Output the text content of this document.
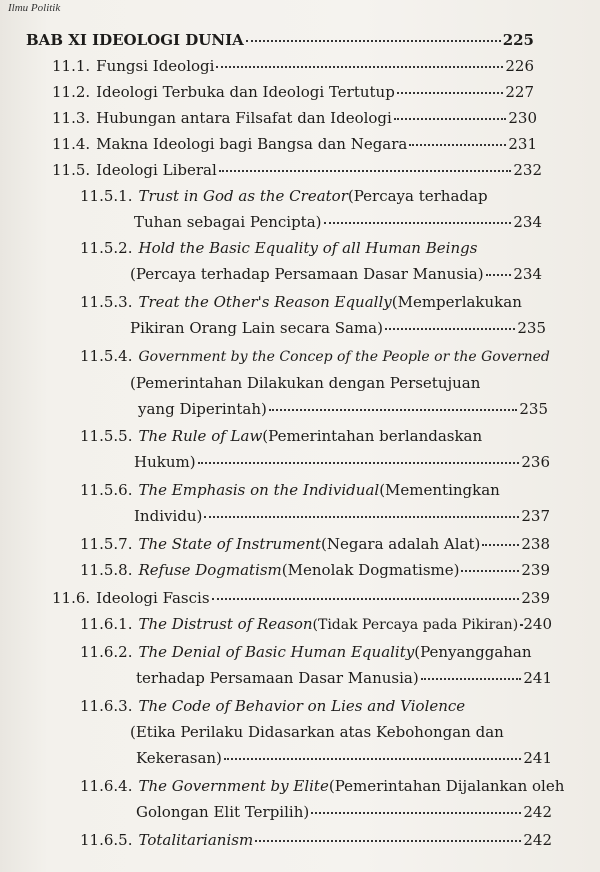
Ilmu Politik
BAB XI IDEOLOGI DUNIA	225
11.1. Fungsi Ideologi	226
11.2. Ideologi Terbuka dan Ideologi Tertutup	227
11.3. Hubungan antara Filsafat dan Ideologi	230
11.4. Makna Ideologi bagi Bangsa dan Negara	231
11.5. Ideologi Liberal	232
11.5.1. Trust in God as the Creator (Percaya terhadap
Tuhan sebagai Pencipta)	234
11.5.2. Hold the Basic Equality of all Human Beings
(Percaya terhadap Persamaan Dasar Manusia) 234
11.5.3. Treat the Other's Reason Equally (Memperlakukan
Pikiran Orang Lain secara Sama)	235
11.5.4. Government by the Concep of the People or the Governed
(Pemerintahan Dilakukan dengan Persetujuan
yang Diperintah)	235
11.5.5. The Rule of Law (Pemerintahan berlandaskan
Hukum)	236
11.5.6. The Emphasis on the Individual (Mementingkan
Individu)	237
11.5.7. The State of Instrument (Negara adalah Alat)	238
11.5.8. Refuse Dogmatism (Menolak Dogmatisme)	239
11.6. Ideologi Fascis	239
11.6.1. The Distrust of Reason (Tidak Percaya pada Pikiran) 240
11.6.2. The Denial of Basic Human Equality (Penyanggahan
terhadap Persamaan Dasar Manusia)	241
11.6.3. The Code of Behavior on Lies and Violence
(Etika Perilaku Didasarkan atas Kebohongan dan
Kekerasan)	241
11.6.4. The Government by Elite (Pemerintahan Dijalankan oleh
Golongan Elit Terpilih)	242
11.6.5. Totalitarianism	242
